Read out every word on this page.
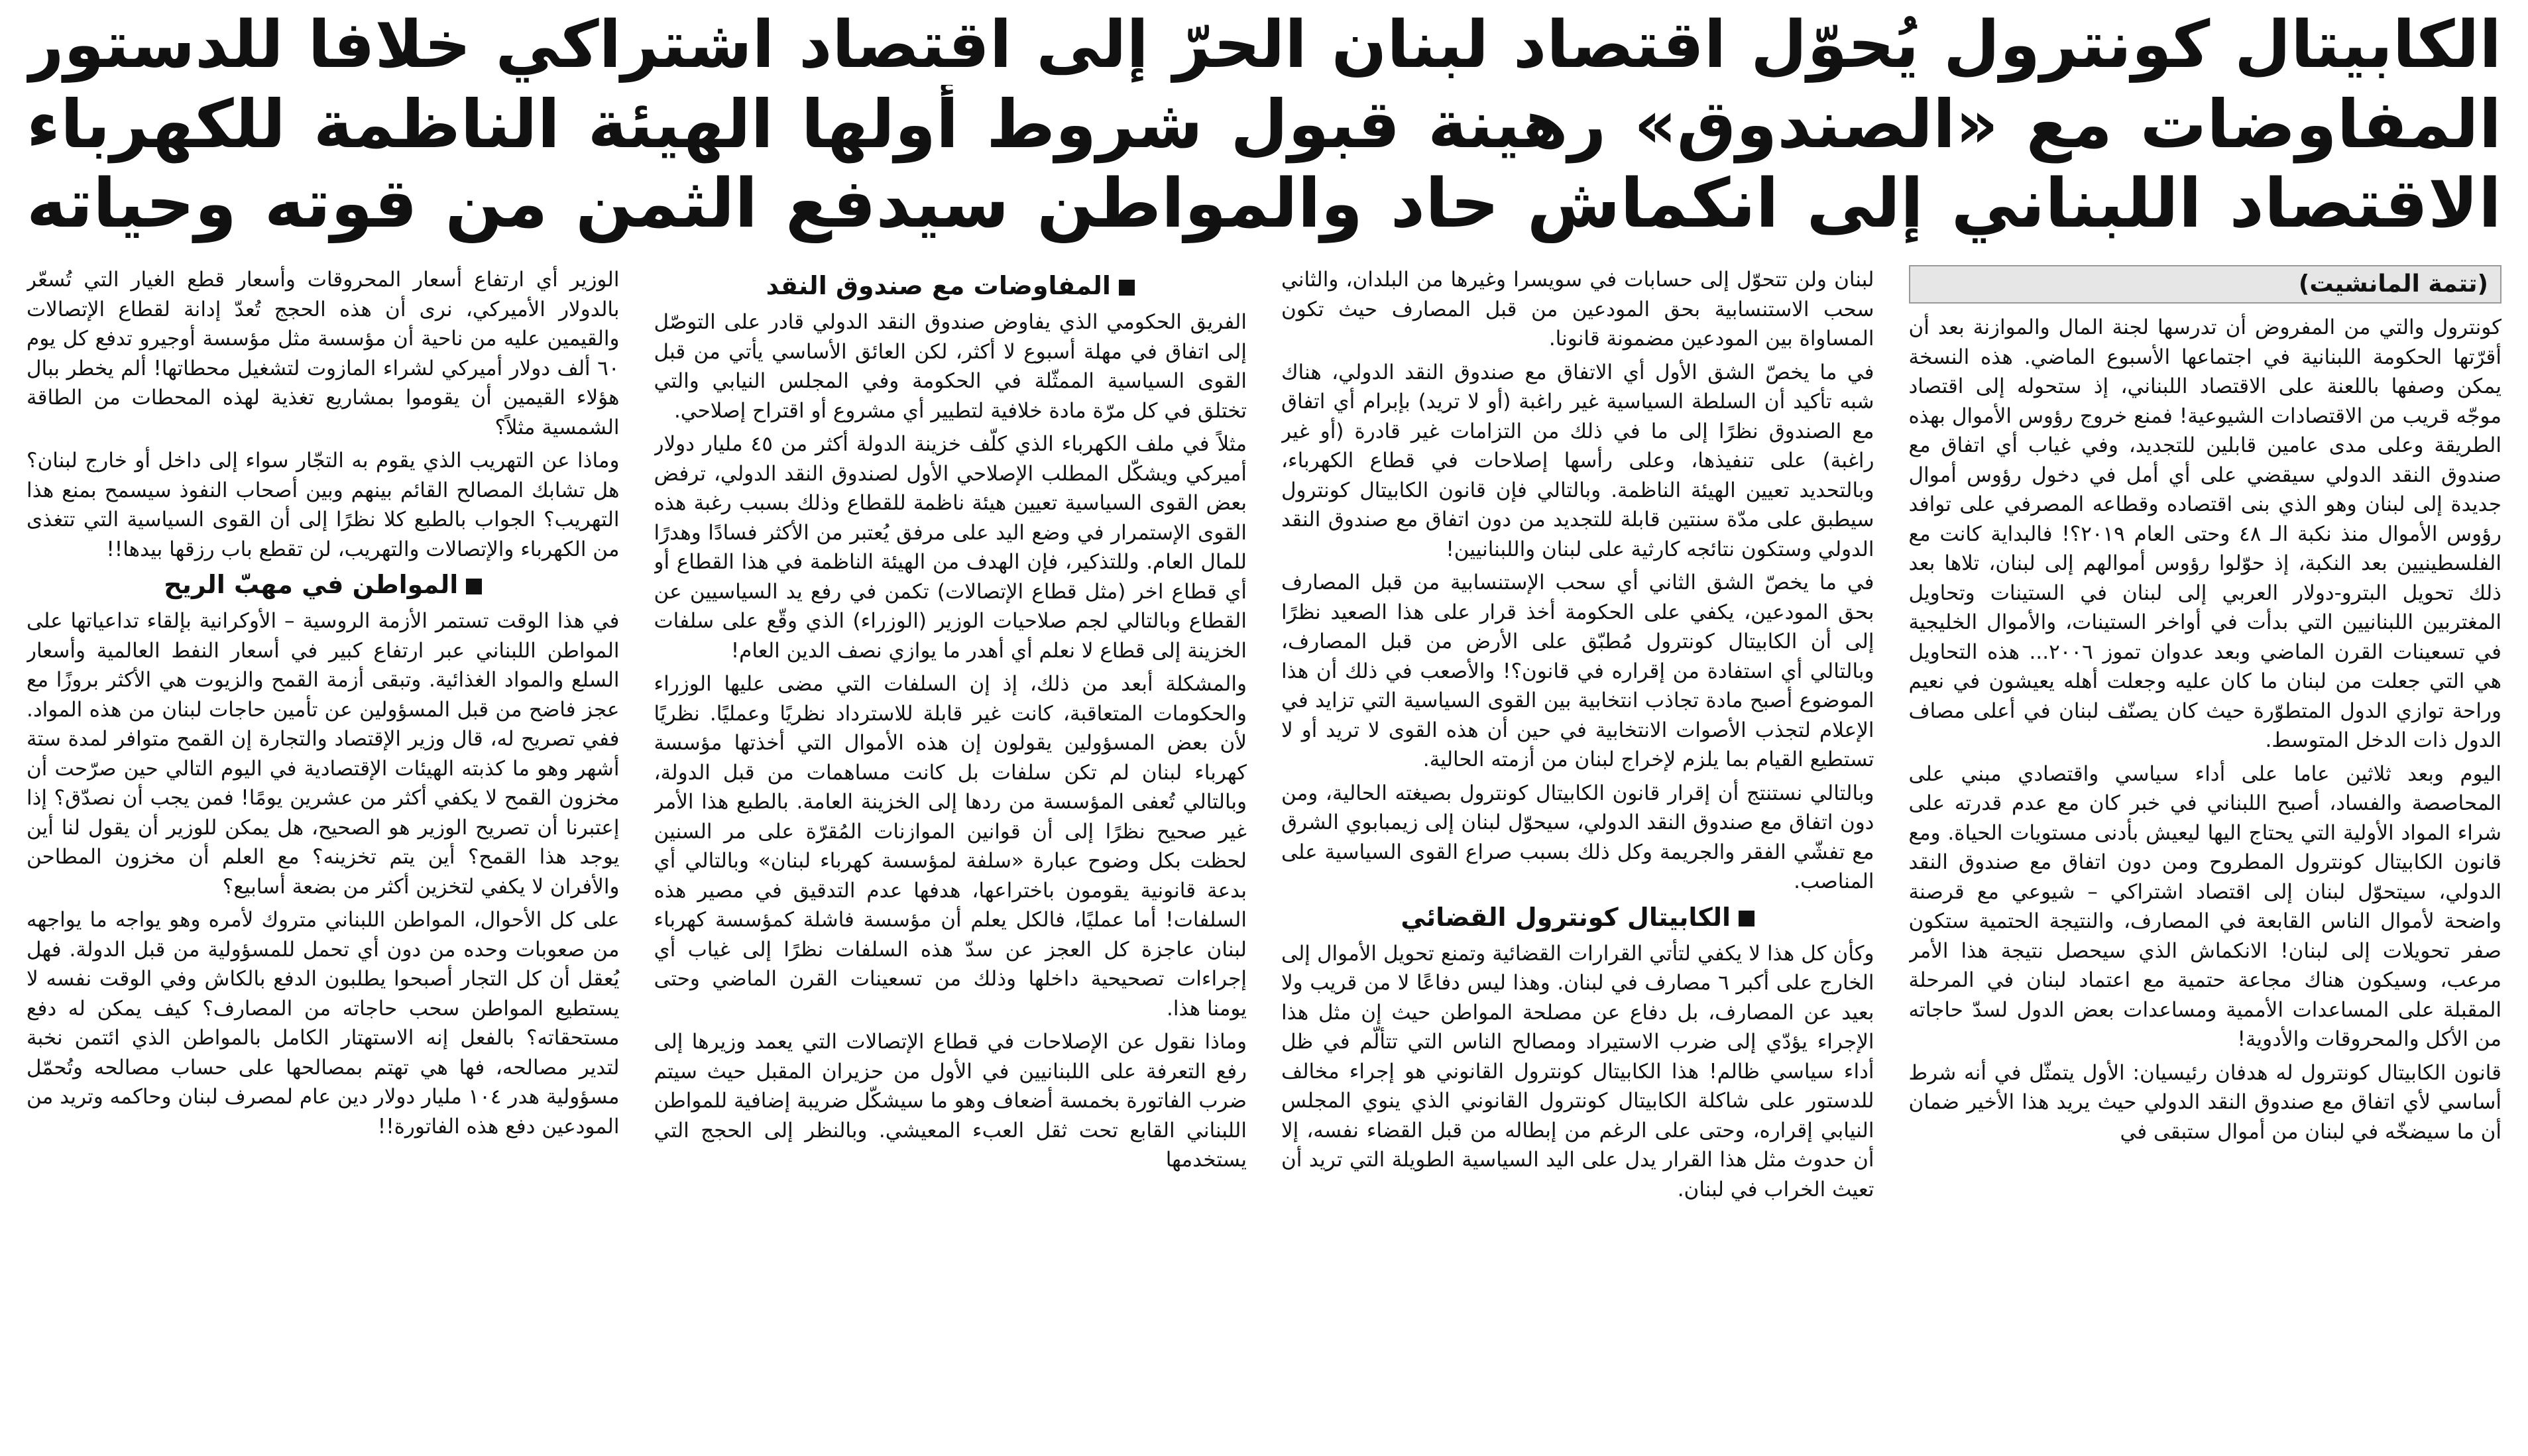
الكابيتال كونترول يُحوّل اقتصاد لبنان الحرّ إلى اقتصاد اشتراكي خلافا للدستور
المفاوضات مع «الصندوق» رهينة قبول شروط أولها الهيئة الناظمة للكهرباء
الاقتصاد اللبناني إلى انكماش حاد والمواطن سيدفع الثمن من قوته وحياته
(تتمة المانشيت)

كونترول والتي من المفروض أن تدرسها لجنة المال والموازنة بعد أن أقرّتها الحكومة اللبنانية في اجتماعها الأسبوع الماضي. هذه النسخة يمكن وصفها باللعنة على الاقتصاد اللبناني، إذ ستحوله إلى اقتصاد موجّه قريب من الاقتصادات الشيوعية! فمنع خروج رؤوس الأموال بهذه الطريقة وعلى مدى عامين قابلين للتجديد، وفي غياب أي اتفاق مع صندوق النقد الدولي سيقضي على أي أمل في دخول رؤوس أموال جديدة إلى لبنان وهو الذي بنى اقتصاده وقطاعه المصرفي على توافد رؤوس الأموال منذ نكبة الـ ٤٨ وحتى العام ٢٠١٩؟! فالبداية كانت مع الفلسطينيين بعد النكبة، إذ حوّلوا رؤوس أموالهم إلى لبنان، تلاها بعد ذلك تحويل البترو-دولار العربي إلى لبنان في الستينات وتحاويل المغتربين اللبنانيين التي بدأت في أواخر الستينات، والأموال الخليجية في تسعينات القرن الماضي وبعد عدوان تموز ٢٠٠٦... هذه التحاويل هي التي جعلت من لبنان ما كان عليه وجعلت أهله يعيشون في نعيم وراحة توازي الدول المتطوّرة حيث كان يصنّف لبنان في أعلى مصاف الدول ذات الدخل المتوسط.

اليوم وبعد ثلاثين عاما على أداء سياسي واقتصادي مبني على المحاصصة والفساد، أصبح اللبناني في خبر كان مع عدم قدرته على شراء المواد الأولية التي يحتاج اليها ليعيش بأدنى مستويات الحياة. ومع قانون الكابيتال كونترول المطروح ومن دون اتفاق مع صندوق النقد الدولي، سيتحوّل لبنان إلى اقتصاد اشتراكي – شيوعي مع قرصنة واضحة لأموال الناس القابعة في المصارف، والنتيجة الحتمية ستكون صفر تحويلات إلى لبنان! الانكماش الذي سيحصل نتيجة هذا الأمر مرعب، وسيكون هناك مجاعة حتمية مع اعتماد لبنان في المرحلة المقبلة على المساعدات الأممية ومساعدات بعض الدول لسدّ حاجاته من الأكل والمحروقات والأدوية!

قانون الكابيتال كونترول له هدفان رئيسيان: الأول يتمثّل في أنه شرط أساسي لأي اتفاق مع صندوق النقد الدولي حيث يريد هذا الأخير ضمان أن ما سيضخّه في لبنان من أموال ستبقى في

لبنان ولن تتحوّل إلى حسابات في سويسرا وغيرها من البلدان، والثاني سحب الاستنسابية بحق المودعين من قبل المصارف حيث تكون المساواة بين المودعين مضمونة قانونا.

في ما يخصّ الشق الأول أي الاتفاق مع صندوق النقد الدولي، هناك شبه تأكيد أن السلطة السياسية غير راغبة (أو لا تريد) بإبرام أي اتفاق مع الصندوق نظرًا إلى ما في ذلك من التزامات غير قادرة (أو غير راغبة) على تنفيذها، وعلى رأسها إصلاحات في قطاع الكهرباء، وبالتحديد تعيين الهيئة الناظمة. وبالتالي فإن قانون الكابيتال كونترول سيطبق على مدّة سنتين قابلة للتجديد من دون اتفاق مع صندوق النقد الدولي وستكون نتائجه كارثية على لبنان واللبنانيين!

في ما يخصّ الشق الثاني أي سحب الإستنسابية من قبل المصارف بحق المودعين، يكفي على الحكومة أخذ قرار على هذا الصعيد نظرًا إلى أن الكابيتال كونترول مُطبّق على الأرض من قبل المصارف، وبالتالي أي استفادة من إقراره في قانون؟! والأصعب في ذلك أن هذا الموضوع أصبح مادة تجاذب انتخابية بين القوى السياسية التي تزايد في الإعلام لتجذب الأصوات الانتخابية في حين أن هذه القوى لا تريد أو لا تستطيع القيام بما يلزم لإخراج لبنان من أزمته الحالية.

وبالتالي نستنتج أن إقرار قانون الكابيتال كونترول بصيغته الحالية، ومن دون اتفاق مع صندوق النقد الدولي، سيحوّل لبنان إلى زيمبابوي الشرق مع تفشّي الفقر والجريمة وكل ذلك بسبب صراع القوى السياسية على المناصب.

الكابيتال كونترول القضائي

وكأن كل هذا لا يكفي لتأتي القرارات القضائية وتمنع تحويل الأموال إلى الخارج على أكبر ٦ مصارف في لبنان. وهذا ليس دفاعًا لا من قريب ولا بعيد عن المصارف، بل دفاع عن مصلحة المواطن حيث إن مثل هذا الإجراء يؤدّي إلى ضرب الاستيراد ومصالح الناس التي تتألّم في ظل أداء سياسي ظالم! هذا الكابيتال كونترول القانوني هو إجراء مخالف للدستور على شاكلة الكابيتال كونترول القانوني الذي ينوي المجلس النيابي إقراره، وحتى على الرغم من إبطاله من قبل القضاء نفسه، إلا أن حدوث مثل هذا القرار يدل على اليد السياسية الطويلة التي تريد أن تعيث الخراب في لبنان.

المفاوضات مع صندوق النقد

الفريق الحكومي الذي يفاوض صندوق النقد الدولي قادر على التوصّل إلى اتفاق في مهلة أسبوع لا أكثر، لكن العائق الأساسي يأتي من قبل القوى السياسية الممثّلة في الحكومة وفي المجلس النيابي والتي تختلق في كل مرّة مادة خلافية لتطيير أي مشروع أو اقتراح إصلاحي.

مثلاً في ملف الكهرباء الذي كلّف خزينة الدولة أكثر من ٤٥ مليار دولار أميركي ويشكّل المطلب الإصلاحي الأول لصندوق النقد الدولي، ترفض بعض القوى السياسية تعيين هيئة ناظمة للقطاع وذلك بسبب رغبة هذه القوى الإستمرار في وضع اليد على مرفق يُعتبر من الأكثر فسادًا وهدرًا للمال العام. وللتذكير، فإن الهدف من الهيئة الناظمة في هذا القطاع أو أي قطاع اخر (مثل قطاع الإتصالات) تكمن في رفع يد السياسيين عن القطاع وبالتالي لجم صلاحيات الوزير (الوزراء) الذي وقّع على سلفات الخزينة إلى قطاع لا نعلم أي أهدر ما يوازي نصف الدين العام!

والمشكلة أبعد من ذلك، إذ إن السلفات التي مضى عليها الوزراء والحكومات المتعاقبة، كانت غير قابلة للاسترداد نظريًا وعمليًا. نظريًا لأن بعض المسؤولين يقولون إن هذه الأموال التي أخذتها مؤسسة كهرباء لبنان لم تكن سلفات بل كانت مساهمات من قبل الدولة، وبالتالي تُعفى المؤسسة من ردها إلى الخزينة العامة. بالطبع هذا الأمر غير صحيح نظرًا إلى أن قوانين الموازنات المُقرّة على مر السنين لحظت بكل وضوح عبارة «سلفة لمؤسسة كهرباء لبنان» وبالتالي أي بدعة قانونية يقومون باختراعها، هدفها عدم التدقيق في مصير هذه السلفات! أما عمليًا، فالكل يعلم أن مؤسسة فاشلة كمؤسسة كهرباء لبنان عاجزة كل العجز عن سدّ هذه السلفات نظرًا إلى غياب أي إجراءات تصحيحية داخلها وذلك من تسعينات القرن الماضي وحتى يومنا هذا.

وماذا نقول عن الإصلاحات في قطاع الإتصالات التي يعمد وزيرها إلى رفع التعرفة على اللبنانيين في الأول من حزيران المقبل حيث سيتم ضرب الفاتورة بخمسة أضعاف وهو ما سيشكّل ضريبة إضافية للمواطن اللبناني القابع تحت ثقل العبء المعيشي. وبالنظر إلى الحجج التي يستخدمها

الوزير أي ارتفاع أسعار المحروقات وأسعار قطع الغيار التي تُسعّر بالدولار الأميركي، نرى أن هذه الحجج تُعدّ إدانة لقطاع الإتصالات والقيمين عليه من ناحية أن مؤسسة مثل مؤسسة أوجيرو تدفع كل يوم ٦٠ ألف دولار أميركي لشراء المازوت لتشغيل محطاتها! ألم يخطر ببال هؤلاء القيمين أن يقوموا بمشاريع تغذية لهذه المحطات من الطاقة الشمسية مثلاً؟

وماذا عن التهريب الذي يقوم به التجّار سواء إلى داخل أو خارج لبنان؟ هل تشابك المصالح القائم بينهم وبين أصحاب النفوذ سيسمح بمنع هذا التهريب؟ الجواب بالطبع كلا نظرًا إلى أن القوى السياسية التي تتغذى من الكهرباء والإتصالات والتهريب، لن تقطع باب رزقها بيدها!!

المواطن في مهبّ الريح

في هذا الوقت تستمر الأزمة الروسية – الأوكرانية بإلقاء تداعياتها على المواطن اللبناني عبر ارتفاع كبير في أسعار النفط العالمية وأسعار السلع والمواد الغذائية. وتبقى أزمة القمح والزيوت هي الأكثر بروزًا مع عجز فاضح من قبل المسؤولين عن تأمين حاجات لبنان من هذه المواد. ففي تصريح له، قال وزير الإقتصاد والتجارة إن القمح متوافر لمدة ستة أشهر وهو ما كذبته الهيئات الإقتصادية في اليوم التالي حين صرّحت أن مخزون القمح لا يكفي أكثر من عشرين يومًا! فمن يجب أن نصدّق؟ إذا إعتبرنا أن تصريح الوزير هو الصحيح، هل يمكن للوزير أن يقول لنا أين يوجد هذا القمح؟ أين يتم تخزينه؟ مع العلم أن مخزون المطاحن والأفران لا يكفي لتخزين أكثر من بضعة أسابيع؟

على كل الأحوال، المواطن اللبناني متروك لأمره وهو يواجه ما يواجهه من صعوبات وحده من دون أي تحمل للمسؤولية من قبل الدولة. فهل يُعقل أن كل التجار أصبحوا يطلبون الدفع بالكاش وفي الوقت نفسه لا يستطيع المواطن سحب حاجاته من المصارف؟ كيف يمكن له دفع مستحقاته؟ بالفعل إنه الاستهتار الكامل بالمواطن الذي ائتمن نخبة لتدير مصالحه، فها هي تهتم بمصالحها على حساب مصالحه وتُحمّل مسؤولية هدر ١٠٤ مليار دولار دين عام لمصرف لبنان وحاكمه وتريد من المودعين دفع هذه الفاتورة!!
